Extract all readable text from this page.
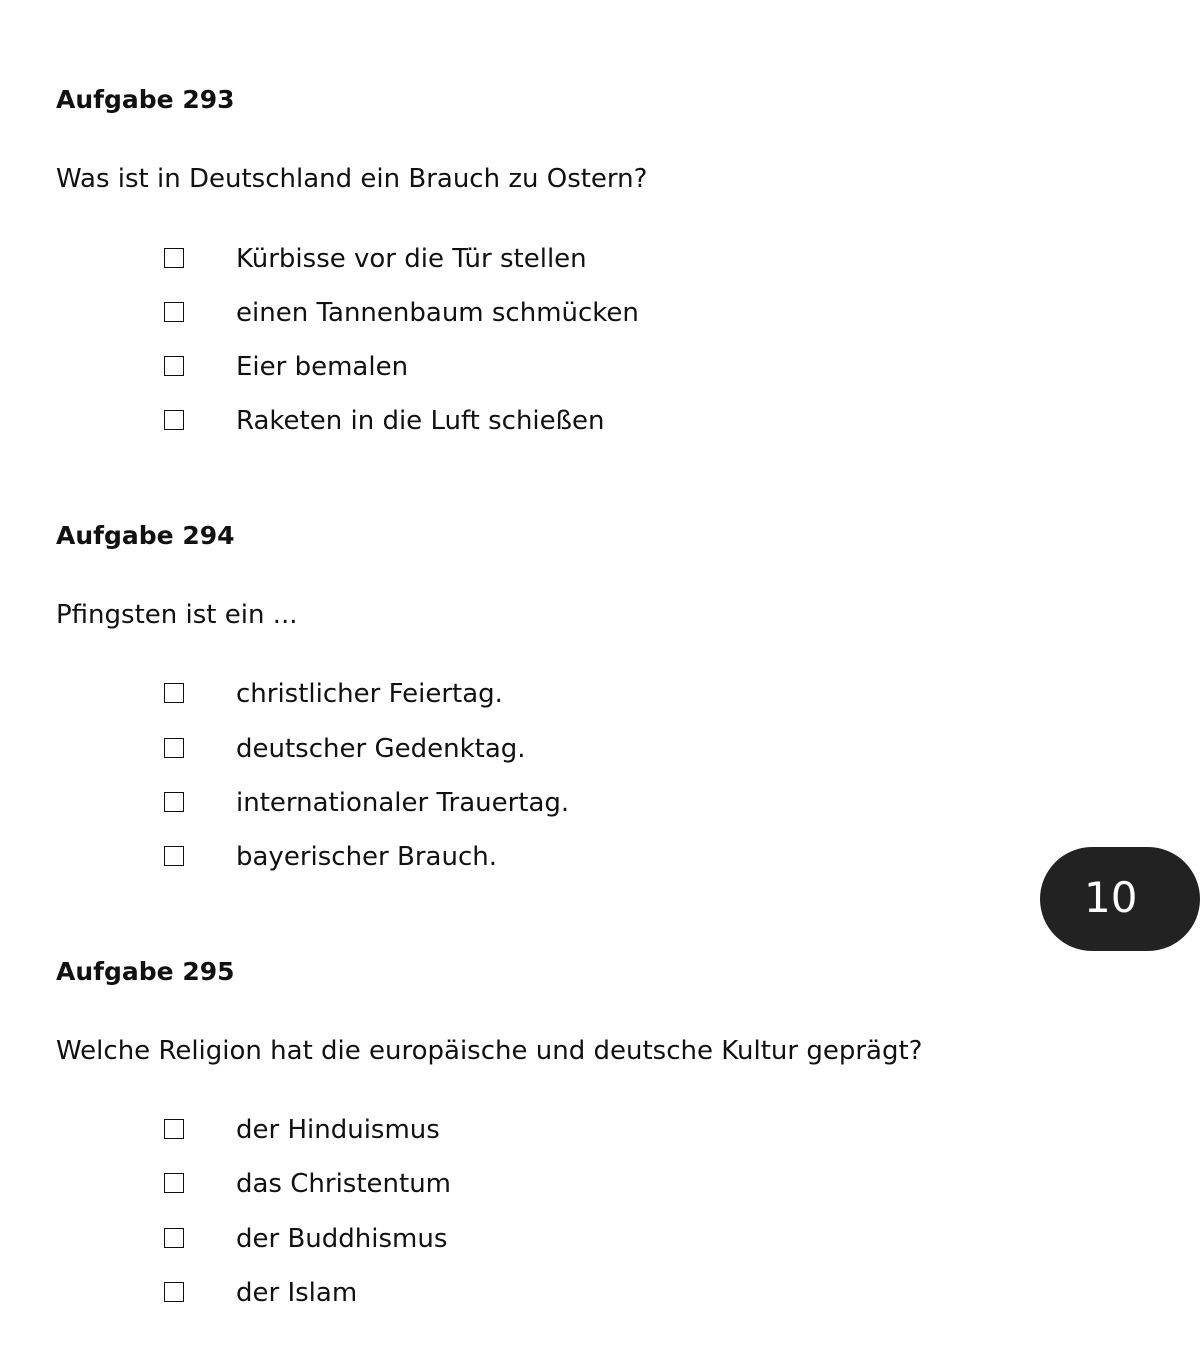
Aufgabe 293
Was ist in Deutschland ein Brauch zu Ostern?
Kürbisse vor die Tür stellen
einen Tannenbaum schmücken
Eier bemalen
Raketen in die Luft schießen
Aufgabe 294
Pfingsten ist ein ...
christlicher Feiertag.
deutscher Gedenktag.
internationaler Trauertag.
bayerischer Brauch.
Aufgabe 295
Welche Religion hat die europäische und deutsche Kultur geprägt?
der Hinduismus
das Christentum
der Buddhismus
der Islam
10
